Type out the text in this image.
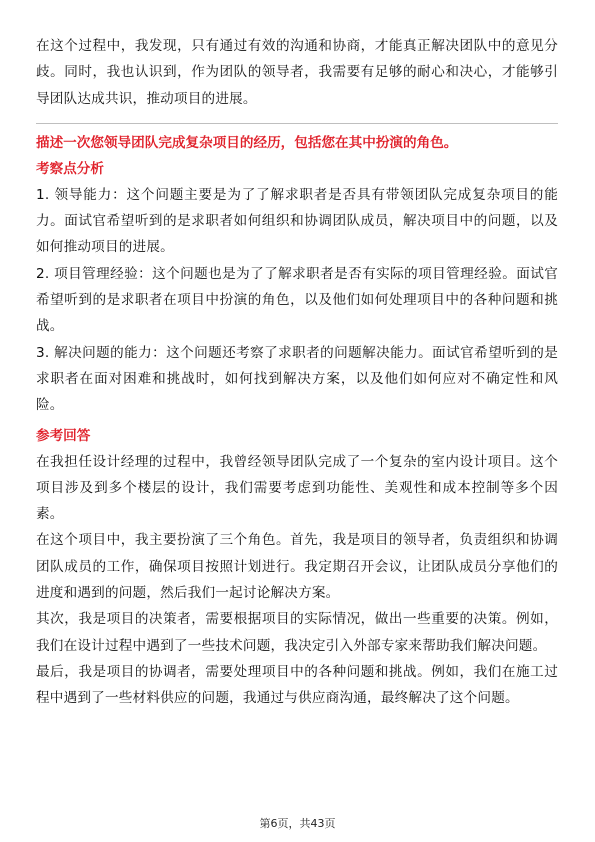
在这个过程中，我发现，只有通过有效的沟通和协商，才能真正解决团队中的意见分歧。同时，我也认识到，作为团队的领导者，我需要有足够的耐心和决心，才能够引导团队达成共识，推动项目的进展。

描述一次您领导团队完成复杂项目的经历，包括您在其中扮演的角色。

考察点分析

1. 领导能力：这个问题主要是为了了解求职者是否具有带领团队完成复杂项目的能力。面试官希望听到的是求职者如何组织和协调团队成员，解决项目中的问题，以及如何推动项目的进展。

2. 项目管理经验：这个问题也是为了了解求职者是否有实际的项目管理经验。面试官希望听到的是求职者在项目中扮演的角色，以及他们如何处理项目中的各种问题和挑战。

3. 解决问题的能力：这个问题还考察了求职者的问题解决能力。面试官希望听到的是求职者在面对困难和挑战时，如何找到解决方案，以及他们如何应对不确定性和风险。

参考回答

在我担任设计经理的过程中，我曾经领导团队完成了一个复杂的室内设计项目。这个项目涉及到多个楼层的设计，我们需要考虑到功能性、美观性和成本控制等多个因素。

在这个项目中，我主要扮演了三个角色。首先，我是项目的领导者，负责组织和协调团队成员的工作，确保项目按照计划进行。我定期召开会议，让团队成员分享他们的进度和遇到的问题，然后我们一起讨论解决方案。

其次，我是项目的决策者，需要根据项目的实际情况，做出一些重要的决策。例如，我们在设计过程中遇到了一些技术问题，我决定引入外部专家来帮助我们解决问题。

最后，我是项目的协调者，需要处理项目中的各种问题和挑战。例如，我们在施工过程中遇到了一些材料供应的问题，我通过与供应商沟通，最终解决了这个问题。

第6页，共43页
